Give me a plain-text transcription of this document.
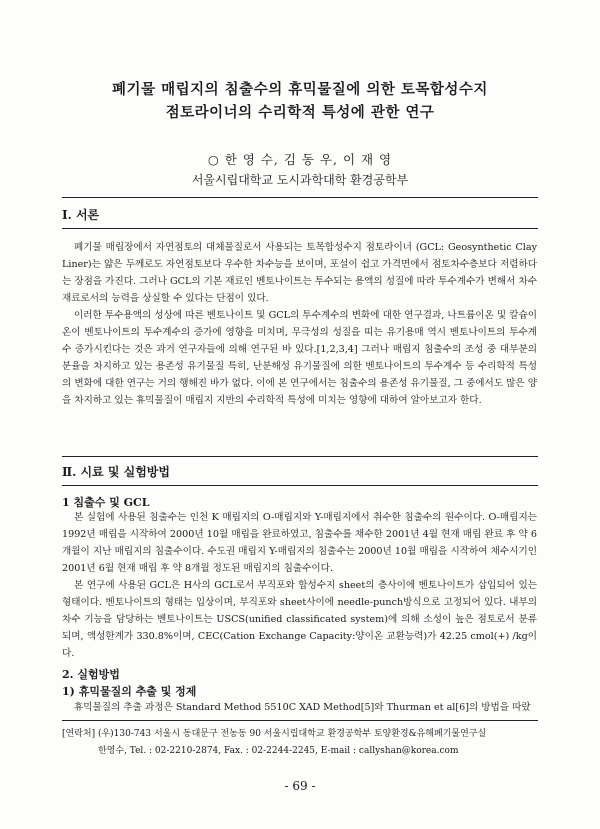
폐기물 매립지의 침출수의 휴믹물질에 의한 토목합성수지
점토라이너의 수리학적 특성에 관한 연구
○ 한 영 수, 김 동 우, 이 재 영
서울시립대학교 도시과학대학 환경공학부
Ⅰ. 서론

폐기물 매립장에서 자연점토의 대체물질로서 사용되는 토목합성수지 점토라이너 (GCL: Geosynthetic Clay Liner)는 얇은 두께로도 자연점토보다 우수한 차수능을 보이며, 포설이 쉽고 가격면에서 점토차수층보다 저렴하다는 장점을 가진다. 그러나 GCL의 기본 재료인 벤토나이트는 투수되는 용액의 성질에 따라 투수계수가 변해서 차수재료로서의 능력을 상실할 수 있다는 단점이 있다.

이러한 투수용액의 성상에 따른 벤토나이트 및 GCL의 투수계수의 변화에 대한 연구결과, 나트륨이온 및 칼슘이온이 벤토나이트의 투수계수의 증가에 영향을 미치며, 무극성의 성질을 띠는 유기용매 역시 벤토나이트의 투수계수 증가시킨다는 것은 과거 연구자들에 의해 연구된 바 있다.[1,2,3,4] 그러나 매립지 침출수의 조성 중 대부분의 분율을 차지하고 있는 용존성 유기물질 특히, 난분해성 유기물질에 의한 벤토나이트의 투수계수 등 수리학적 특성의 변화에 대한 연구는 거의 행해진 바가 없다. 이에 본 연구에서는 침출수의 용존성 유기물질, 그 중에서도 많은 양을 차지하고 있는 휴믹물질이 매립지 지반의 수리학적 특성에 미치는 영향에 대하여 알아보고자 한다.

Ⅱ. 시료 및 실험방법
1 침출수 및 GCL

본 실험에 사용된 침출수는 인천 K 매립지의 O-매립지와 Y-매립지에서 취수한 침출수의 원수이다. O-매립지는 1992년 매립을 시작하여 2000년 10월 매립을 완료하였고, 침출수를 채수한 2001년 4월 현재 매립 완료 후 약 6개월이 지난 매립지의 침출수이다. 수도권 매립지 Y-매립지의 침출수는 2000년 10월 매립을 시작하여 채수시기인 2001년 6월 현재 매립 후 약 8개월 정도된 매립지의 침출수이다.

본 연구에 사용된 GCL은 H사의 GCL로서 부직포와 합성수지 sheet의 층사이에 벤토나이트가 삽입되어 있는 형태이다. 벤토나이트의 형태는 입상이며, 부직포와 sheet사이에 needle-punch방식으로 고정되어 있다. 내부의 차수 기능을 담당하는 벤토나이트는 USCS(unified classificated system)에 의해 소성이 높은 점토로서 분류되며, 액성한계가 330.8%이며, CEC(Cation Exchange Capacity:양이온 교환능력)가 42.25 cmol(+) /kg이다.

2. 실험방법
1) 휴믹물질의 추출 및 정제

휴믹물질의 추출 과정은 Standard Method 5510C XAD Method[5]와 Thurman et al[6]의 방법을 따랐

[연락처] (우)130-743 서울시 동대문구 전농동 90 서울시립대학교 환경공학부 토양환경&유해폐기물연구실
한영수, Tel. : 02-2210-2874, Fax. : 02-2244-2245, E-mail : callyshan@korea.com
- 69 -
